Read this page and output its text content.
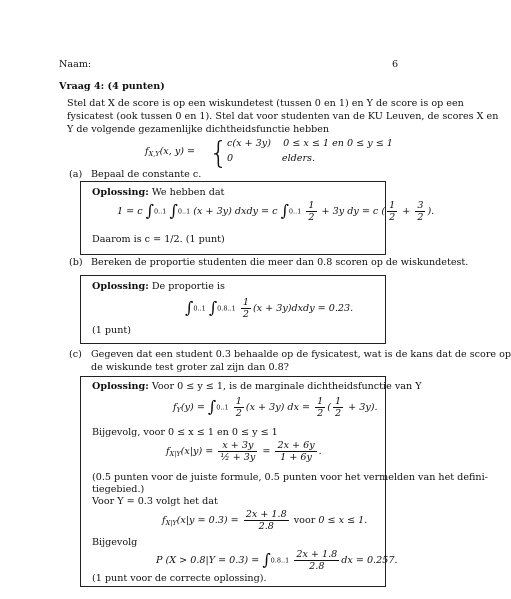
Naam:	6
Vraag 4: (4 punten)
Stel dat X de score is op een wiskundetest (tussen 0 en 1) en Y de score is op een
fysicatest (ook tussen 0 en 1). Stel dat voor studenten van de KU Leuven, de scores X en
Y de volgende gezamenlijke dichtheidsfunctie hebben
$f_{X,Y}(x$, y) = {
c(x + 3y)    0 ≤ x ≤ 1 en 0 ≤ y ≤ 1
0                elders.
(a) Bepaal de constante c.
Oplossing: We hebben dat
1 = c ∫0..1 ∫0..1 (x + 3y) dxdy = c $\int 0..1 \frac{1}{2} + 3y$ dy = c ( $\frac{1}{2} + \frac{3}{2}$ ).
Daarom is c = 1/2. (1 punt)
(b) Bereken de proportie studenten die meer dan 0.8 scoren op de wiskundetest.
Oplossing: De proportie is
∫0..1 $\int 0.8..1 \frac{1}{2} (x$ + 3y)dxdy = 0.23.
(1 punt)
(c) Gegeven dat een student 0.3 behaalde op de fysicatest, wat is de kans dat de score op
de wiskunde test groter zal zijn dan 0.8?
Oplossing: Voor 0 ≤ y ≤ 1, is de marginale dichtheidsfunctie van Y
$f_Y(y) = \int 0..1 \frac{1}{2} (x + 3y)$ dx = $\frac{1}{2}$ ( $\frac{1}{2} + 3y$).
Bijgevolg, voor 0 ≤ x ≤ 1 en 0 ≤ y ≤ 1
$f_{X|Y}(x|y) = \frac{x + 3y}{\text{½ + 3y}} = \frac{2x + 6y}{1 + 6y}$ .
(0.5 punten voor de juiste formule, 0.5 punten voor het vermelden van het defini-
tiegebied.)
Voor Y = 0.3 volgt het dat
$f_{X|Y}(x|y = 0.3) = \frac{2x + 1.8}{2.8}$ voor 0 ≤ x ≤ 1.
Bijgevolg
P $(X > 0.8|Y = 0.3) = \int 0.8..1 \frac{2x + 1.8}{2.8}$ dx = 0.257.
(1 punt voor de correcte oplossing).
